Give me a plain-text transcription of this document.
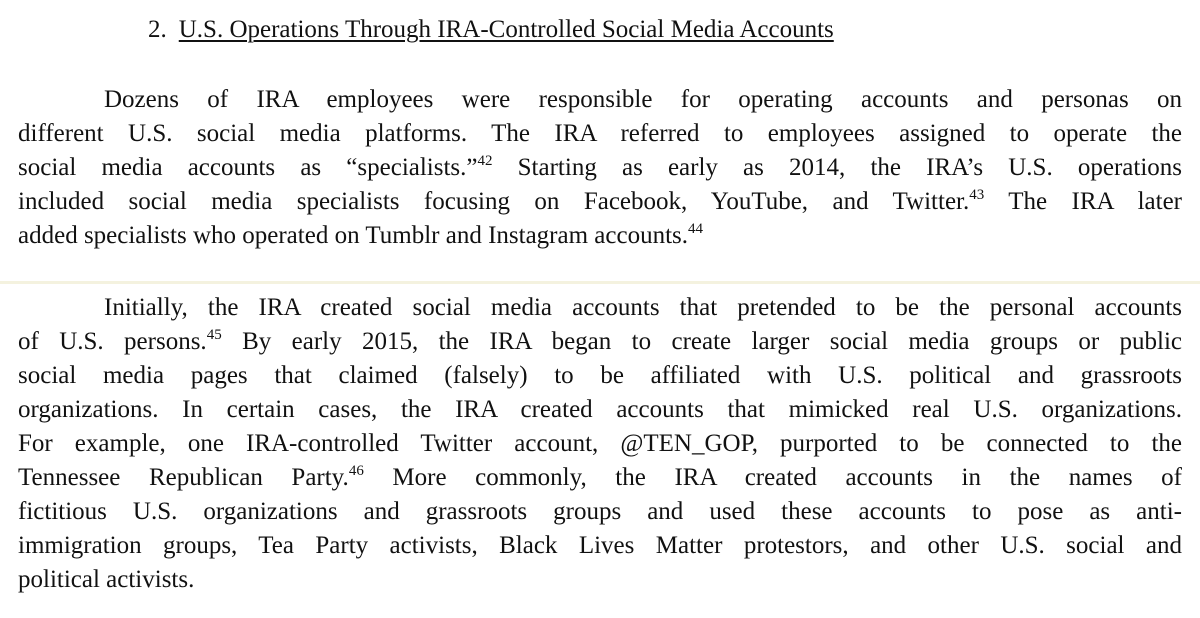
2. U.S. Operations Through IRA-Controlled Social Media Accounts

Dozens of IRA employees were responsible for operating accounts and personas on
different U.S. social media platforms. The IRA referred to employees assigned to operate the
social media accounts as “specialists.”$^{42}$ Starting as early as 2014, the IRA’s U.S. operations
included social media specialists focusing on Facebook, YouTube, and Twitter.$^{43}$ The IRA later
added specialists who operated on Tumblr and Instagram accounts.$^{44}$

Initially, the IRA created social media accounts that pretended to be the personal accounts
of U.S. persons.$^{45}$ By early 2015, the IRA began to create larger social media groups or public
social media pages that claimed (falsely) to be affiliated with U.S. political and grassroots
organizations. In certain cases, the IRA created accounts that mimicked real U.S. organizations.
For example, one IRA-controlled Twitter account, @TEN_GOP, purported to be connected to the
Tennessee Republican Party.$^{46}$ More commonly, the IRA created accounts in the names of
fictitious U.S. organizations and grassroots groups and used these accounts to pose as anti-
immigration groups, Tea Party activists, Black Lives Matter protestors, and other U.S. social and
political activists.
